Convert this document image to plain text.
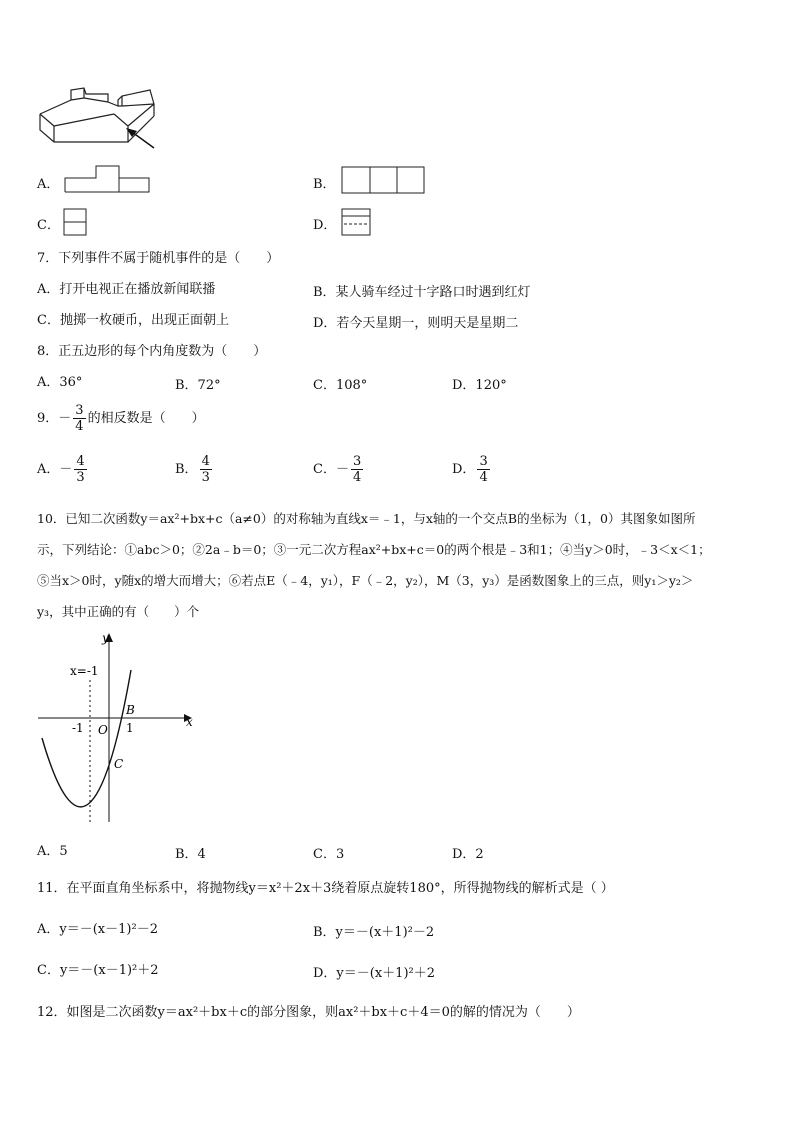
A．	B．
C．	D．
7．下列事件不属于随机事件的是（　　）
A．打开电视正在播放新闻联播	B．某人骑车经过十字路口时遇到红灯
C．抛掷一枚硬币，出现正面朝上	D．若今天星期一，则明天是星期二
8．正五边形的每个内角度数为（　　）
A．36°	B．72°	C．108°	D．120°
9．－ $\frac{3}{4}$ 的相反数是（　　）
A．－ $\frac{4}{3}$	B． $\frac{4}{3}$	C．－ $\frac{3}{4}$	D． $\frac{3}{4}$
10．已知二次函数y＝ax²+bx+c（a≠0）的对称轴为直线x＝﹣1，与x轴的一个交点B的坐标为（1，0）其图象如图所
示，下列结论：①abc＞0；②2a﹣b＝0；③一元二次方程ax²+bx+c＝0的两个根是﹣3和1；④当y＞0时，﹣3＜x＜1；
⑤当x＞0时，y随x的增大而增大；⑥若点E（﹣4，y₁），F（﹣2，y₂），M（3，y₃）是函数图象上的三点，则y₁＞y₂＞
y₃，其中正确的有（　　）个
x=-1
y
x
-1 O 1
B
C
A．5	B．4	C．3	D．2
11．在平面直角坐标系中，将抛物线y＝x²＋2x＋3绕着原点旋转180°，所得抛物线的解析式是（ ）
A．y＝－(x－1)²－2	B．y＝－(x＋1)²－2
C．y＝－(x－1)²＋2	D．y＝－(x＋1)²＋2
12．如图是二次函数y＝ax²＋bx＋c的部分图象，则ax²＋bx＋c＋4＝0的解的情况为（　　）
